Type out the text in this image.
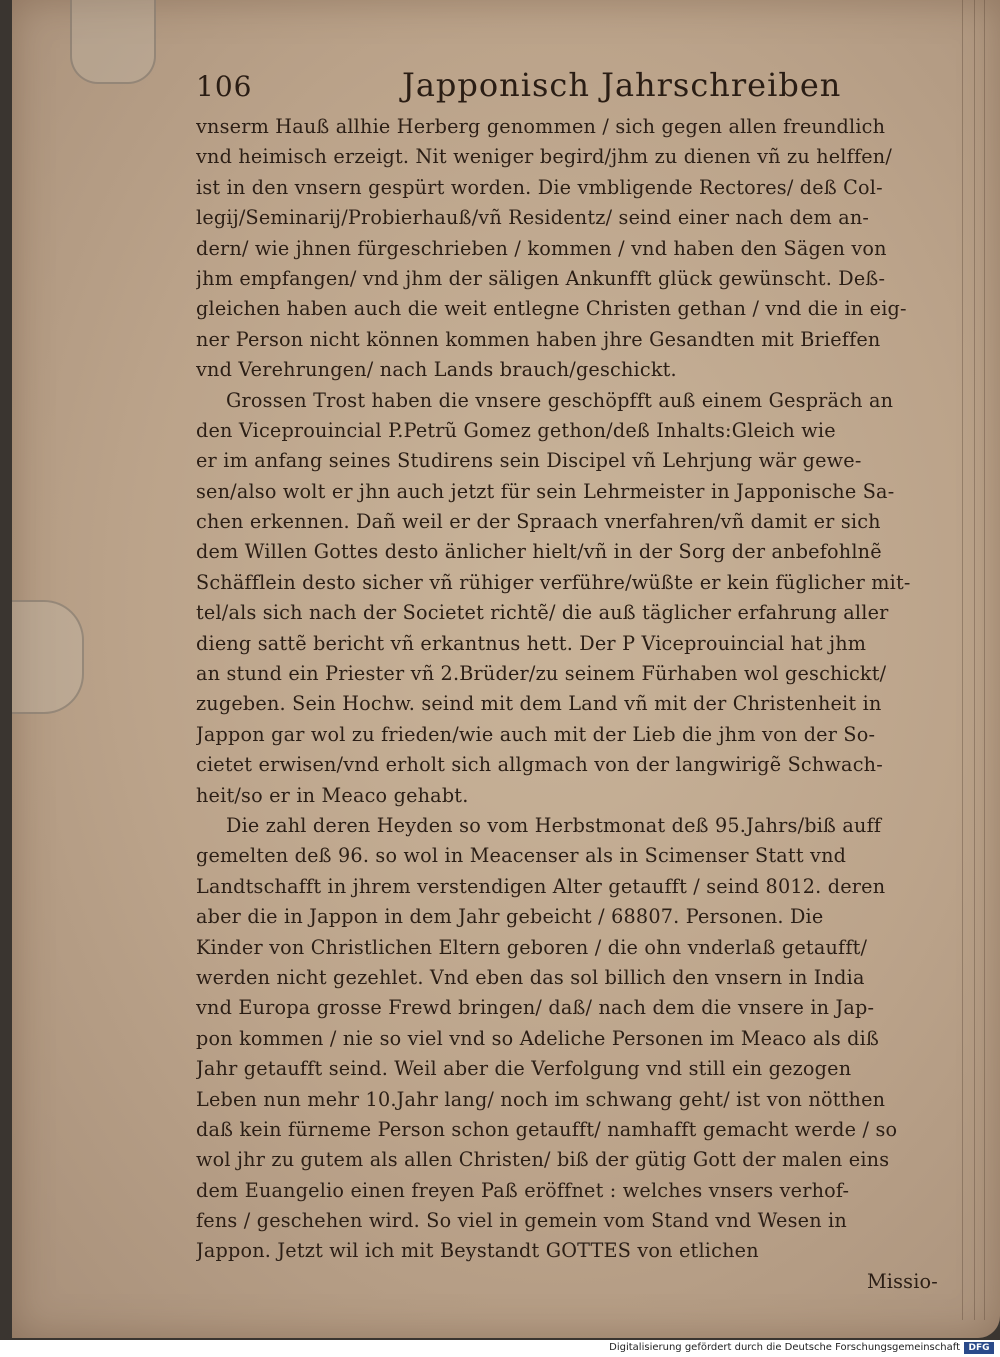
106	Japponisch Jahrschreiben
vnserm Hauß allhie Herberg genommen / sich gegen allen freundlich
vnd heimisch erzeigt. Nit weniger begird/jhm zu dienen vñ zu helffen/
ist in den vnsern gespürt worden. Die vmbligende Rectores/ deß Col-
legij/Seminarij/Probierhauß/vñ Residentz/ seind einer nach dem an-
dern/ wie jhnen fürgeschrieben / kommen / vnd haben den Sägen von
jhm empfangen/ vnd jhm der säligen Ankunfft glück gewünscht. Deß-
gleichen haben auch die weit entlegne Christen gethan / vnd die in eig-
ner Person nicht können kommen haben jhre Gesandten mit Brieffen
vnd Verehrungen/ nach Lands brauch/geschickt.
Grossen Trost haben die vnsere geschöpfft auß einem Gespräch an
den Viceprouincial P.Petrũ Gomez gethon/deß Inhalts:Gleich wie
er im anfang seines Studirens sein Discipel vñ Lehrjung wär gewe-
sen/also wolt er jhn auch jetzt für sein Lehrmeister in Japponische Sa-
chen erkennen. Dañ weil er der Spraach vnerfahren/vñ damit er sich
dem Willen Gottes desto änlicher hielt/vñ in der Sorg der anbefohlnẽ
Schäfflein desto sicher vñ rühiger verführe/wüßte er kein füglicher mit-
tel/als sich nach der Societet richtẽ/ die auß täglicher erfahrung aller
dieng sattẽ bericht vñ erkantnus hett. Der P Viceprouincial hat jhm
an stund ein Priester vñ 2.Brüder/zu seinem Fürhaben wol geschickt/
zugeben. Sein Hochw. seind mit dem Land vñ mit der Christenheit in
Jappon gar wol zu frieden/wie auch mit der Lieb die jhm von der So-
cietet erwisen/vnd erholt sich allgmach von der langwirigẽ Schwach-
heit/so er in Meaco gehabt.
Die zahl deren Heyden so vom Herbstmonat deß 95.Jahrs/biß auff
gemelten deß 96. so wol in Meacenser als in Scimenser Statt vnd
Landtschafft in jhrem verstendigen Alter getaufft / seind 8012. deren
aber die in Jappon in dem Jahr gebeicht / 68807. Personen. Die
Kinder von Christlichen Eltern geboren / die ohn vnderlaß getaufft/
werden nicht gezehlet. Vnd eben das sol billich den vnsern in India
vnd Europa grosse Frewd bringen/ daß/ nach dem die vnsere in Jap-
pon kommen / nie so viel vnd so Adeliche Personen im Meaco als diß
Jahr getaufft seind. Weil aber die Verfolgung vnd still ein gezogen
Leben nun mehr 10.Jahr lang/ noch im schwang geht/ ist von nötthen
daß kein fürneme Person schon getaufft/ namhafft gemacht werde / so
wol jhr zu gutem als allen Christen/ biß der gütig Gott der malen eins
dem Euangelio einen freyen Paß eröffnet : welches vnsers verhof-
fens / geschehen wird. So viel in gemein vom Stand vnd Wesen in
Jappon. Jetzt wil ich mit Beystandt GOTTES von etlichen
Missio-
Digitalisierung gefördert durch die Deutsche Forschungsgemeinschaft DFG
